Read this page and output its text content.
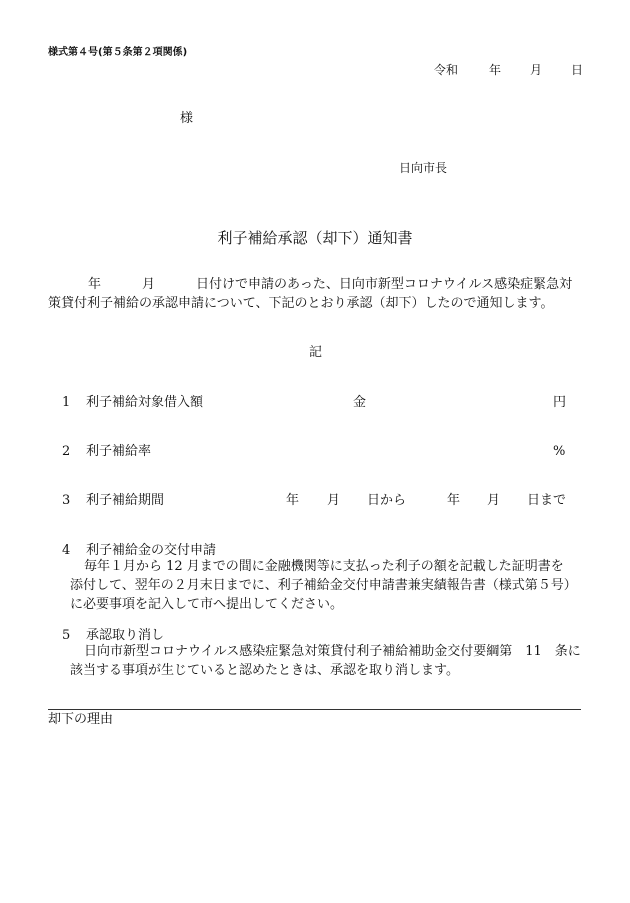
様式第４号(第５条第２項関係)
令和	年 月 日
様
日向市長
利子補給承認（却下）通知書
年	月	日付けで申請のあった、日向市新型コロナウイルス感染症緊急対
策貸付利子補給の承認申請について、下記のとおり承認（却下）したので通知します。
記
1 利子補給対象借入額	金	円
2 利子補給率	%
3 利子補給期間	年 月 日から	年 月 日まで
4 利子補給金の交付申請
毎年１月から 12 月までの間に金融機関等に支払った利子の額を記載した証明書を
添付して、翌年の２月末日までに、利子補給金交付申請書兼実績報告書（様式第５号）
に必要事項を記入して市へ提出してください。
5 承認取り消し
日向市新型コロナウイルス感染症緊急対策貸付利子補給補助金交付要綱第　11　条に
該当する事項が生じていると認めたときは、承認を取り消します。
却下の理由
